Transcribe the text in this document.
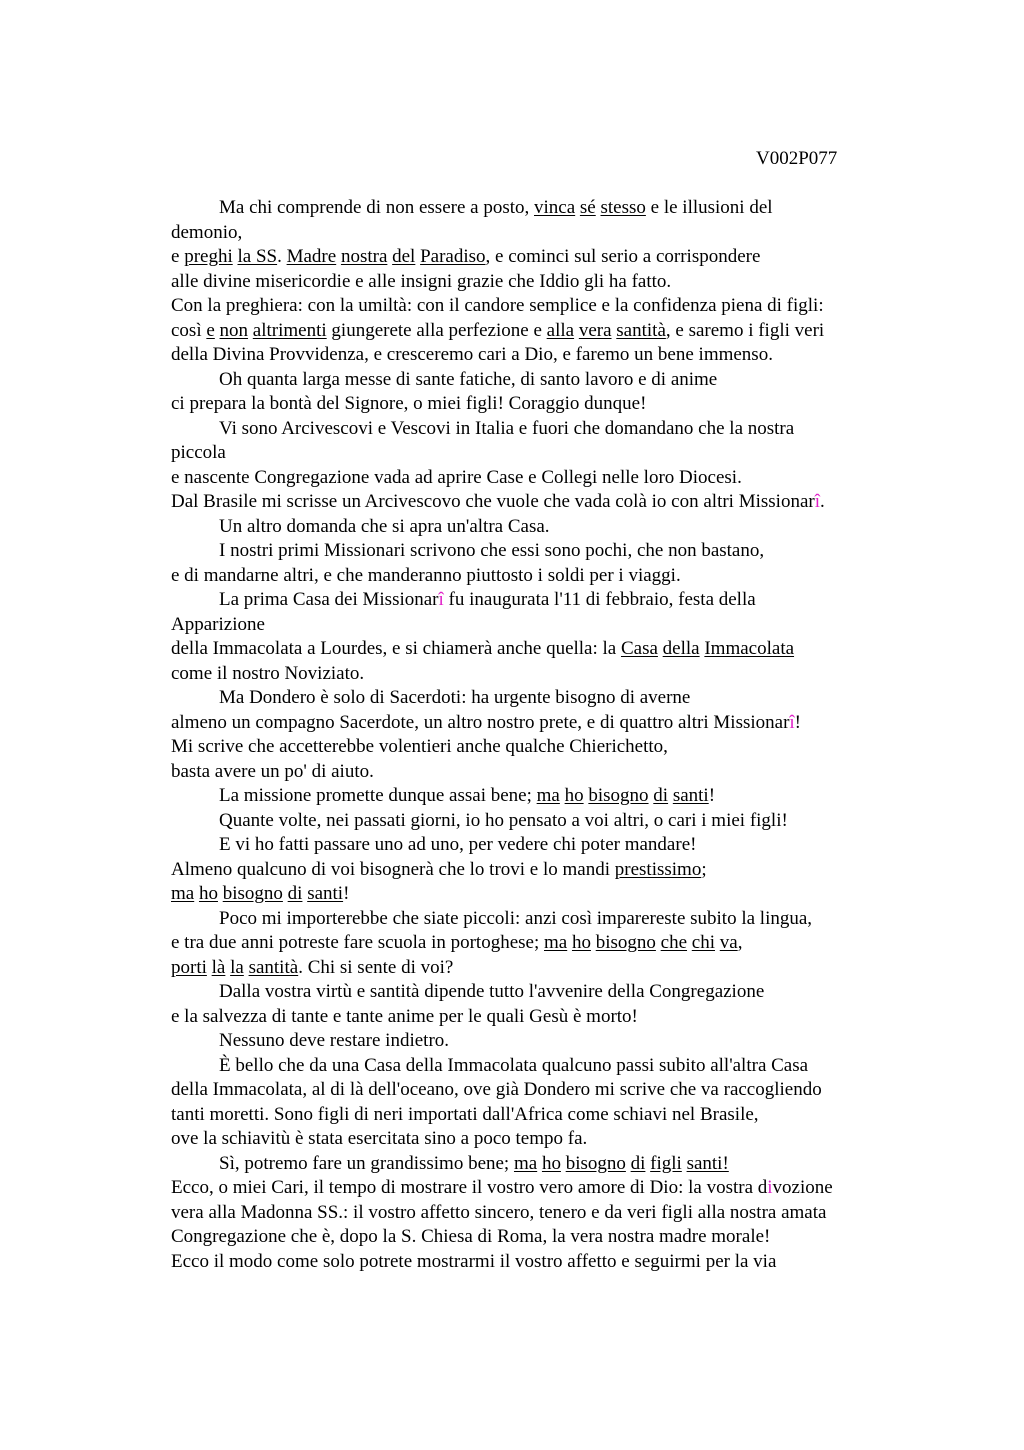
V002P077
Ma chi comprende di non essere a posto, vinca sé stesso e le illusioni del
demonio,
e preghi la SS. Madre nostra del Paradiso, e cominci sul serio a corrispondere
alle divine misericordie e alle insigni grazie che Iddio gli ha fatto.
Con la preghiera: con la umiltà: con il candore semplice e la confidenza piena di figli:
così e non altrimenti giungerete alla perfezione e alla vera santità, e saremo i figli veri
della Divina Provvidenza, e cresceremo cari a Dio, e faremo un bene immenso.
Oh quanta larga messe di sante fatiche, di santo lavoro e di anime
ci prepara la bontà del Signore, o miei figli! Coraggio dunque!
Vi sono Arcivescovi e Vescovi in Italia e fuori che domandano che la nostra
piccola
e nascente Congregazione vada ad aprire Case e Collegi nelle loro Diocesi.
Dal Brasile mi scrisse un Arcivescovo che vuole che vada colà io con altri Missionarî.
Un altro domanda che si apra un'altra Casa.
I nostri primi Missionari scrivono che essi sono pochi, che non bastano,
e di mandarne altri, e che manderanno piuttosto i soldi per i viaggi.
La prima Casa dei Missionarî fu inaugurata l'11 di febbraio, festa della
Apparizione
della Immacolata a Lourdes, e si chiamerà anche quella: la Casa della Immacolata
come il nostro Noviziato.
Ma Dondero è solo di Sacerdoti: ha urgente bisogno di averne
almeno un compagno Sacerdote, un altro nostro prete, e di quattro altri Missionarî!
Mi scrive che accetterebbe volentieri anche qualche Chierichetto,
basta avere un po' di aiuto.
La missione promette dunque assai bene; ma ho bisogno di santi!
Quante volte, nei passati giorni, io ho pensato a voi altri, o cari i miei figli!
E vi ho fatti passare uno ad uno, per vedere chi poter mandare!
Almeno qualcuno di voi bisognerà che lo trovi e lo mandi prestissimo;
ma ho bisogno di santi!
Poco mi importerebbe che siate piccoli: anzi così imparereste subito la lingua,
e tra due anni potreste fare scuola in portoghese; ma ho bisogno che chi va,
porti là la santità. Chi si sente di voi?
Dalla vostra virtù e santità dipende tutto l'avvenire della Congregazione
e la salvezza di tante e tante anime per le quali Gesù è morto!
Nessuno deve restare indietro.
È bello che da una Casa della Immacolata qualcuno passi subito all'altra Casa
della Immacolata, al di là dell'oceano, ove già Dondero mi scrive che va raccogliendo
tanti moretti. Sono figli di neri importati dall'Africa come schiavi nel Brasile,
ove la schiavitù è stata esercitata sino a poco tempo fa.
Sì, potremo fare un grandissimo bene; ma ho bisogno di figli santi!
Ecco, o miei Cari, il tempo di mostrare il vostro vero amore di Dio: la vostra divozione
vera alla Madonna SS.: il vostro affetto sincero, tenero e da veri figli alla nostra amata
Congregazione che è, dopo la S. Chiesa di Roma, la vera nostra madre morale!
Ecco il modo come solo potrete mostrarmi il vostro affetto e seguirmi per la via
